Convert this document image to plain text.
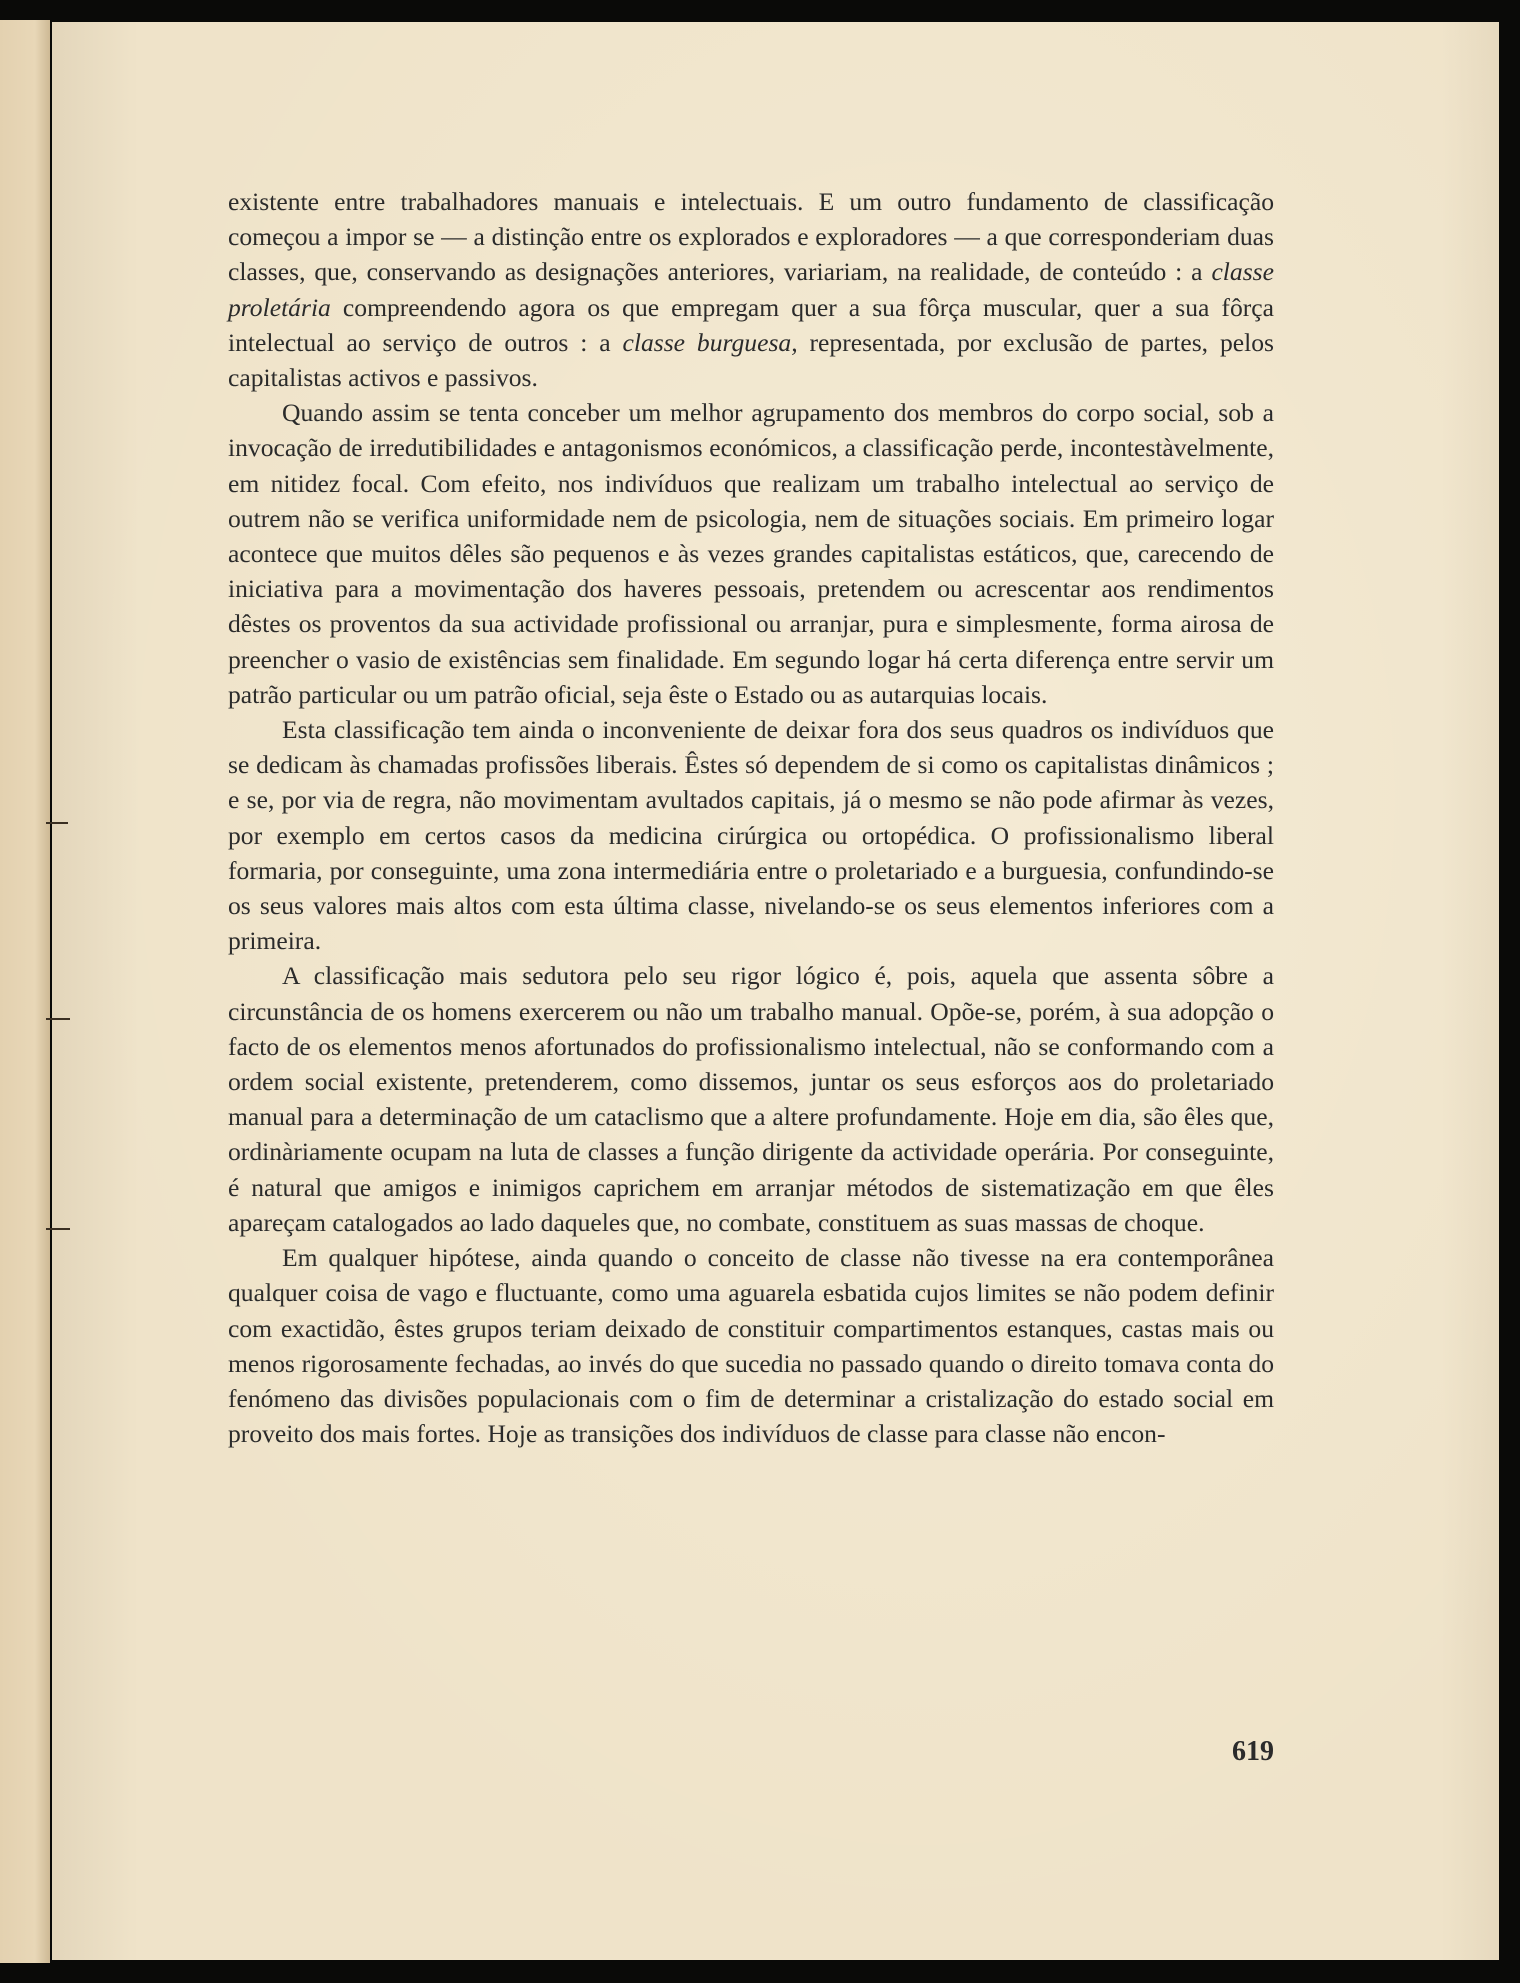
existente entre trabalhadores manuais e intelectuais. E um outro fundamento de classificação começou a impor se — a distinção entre os explorados e exploradores — a que corresponderiam duas classes, que, conservando as designações anteriores, variariam, na realidade, de conteúdo : a classe proletária compreendendo agora os que empregam quer a sua fôrça muscular, quer a sua fôrça intelectual ao serviço de outros : a classe burguesa, representada, por exclusão de partes, pelos capitalistas activos e passivos.

Quando assim se tenta conceber um melhor agrupamento dos membros do corpo social, sob a invocação de irredutibilidades e antagonismos económicos, a classificação perde, incontestàvelmente, em nitidez focal. Com efeito, nos indivíduos que realizam um trabalho intelectual ao serviço de outrem não se verifica uniformidade nem de psicologia, nem de situações sociais. Em primeiro logar acontece que muitos dêles são pequenos e às vezes grandes capitalistas estáticos, que, carecendo de iniciativa para a movimentação dos haveres pessoais, pretendem ou acrescentar aos rendimentos dêstes os proventos da sua actividade profissional ou arranjar, pura e simplesmente, forma airosa de preencher o vasio de existências sem finalidade. Em segundo logar há certa diferença entre servir um patrão particular ou um patrão oficial, seja êste o Estado ou as autarquias locais.

Esta classificação tem ainda o inconveniente de deixar fora dos seus quadros os indivíduos que se dedicam às chamadas profissões liberais. Êstes só dependem de si como os capitalistas dinâmicos ; e se, por via de regra, não movimentam avultados capitais, já o mesmo se não pode afirmar às vezes, por exemplo em certos casos da medicina cirúrgica ou ortopédica. O profissionalismo liberal formaria, por conseguinte, uma zona intermediária entre o proletariado e a burguesia, confundindo-se os seus valores mais altos com esta última classe, nivelando-se os seus elementos inferiores com a primeira.

A classificação mais sedutora pelo seu rigor lógico é, pois, aquela que assenta sôbre a circunstância de os homens exercerem ou não um trabalho manual. Opõe-se, porém, à sua adopção o facto de os elementos menos afortunados do profissionalismo intelectual, não se conformando com a ordem social existente, pretenderem, como dissemos, juntar os seus esforços aos do proletariado manual para a determinação de um cataclismo que a altere profundamente. Hoje em dia, são êles que, ordinàriamente ocupam na luta de classes a função dirigente da actividade operária. Por conseguinte, é natural que amigos e inimigos caprichem em arranjar métodos de sistematização em que êles apareçam catalogados ao lado daqueles que, no combate, constituem as suas massas de choque.

Em qualquer hipótese, ainda quando o conceito de classe não tivesse na era contemporânea qualquer coisa de vago e fluctuante, como uma aguarela esbatida cujos limites se não podem definir com exactidão, êstes grupos teriam deixado de constituir compartimentos estanques, castas mais ou menos rigorosamente fechadas, ao invés do que sucedia no passado quando o direito tomava conta do fenómeno das divisões populacionais com o fim de determinar a cristalização do estado social em proveito dos mais fortes. Hoje as transições dos indivíduos de classe para classe não encon-

619
